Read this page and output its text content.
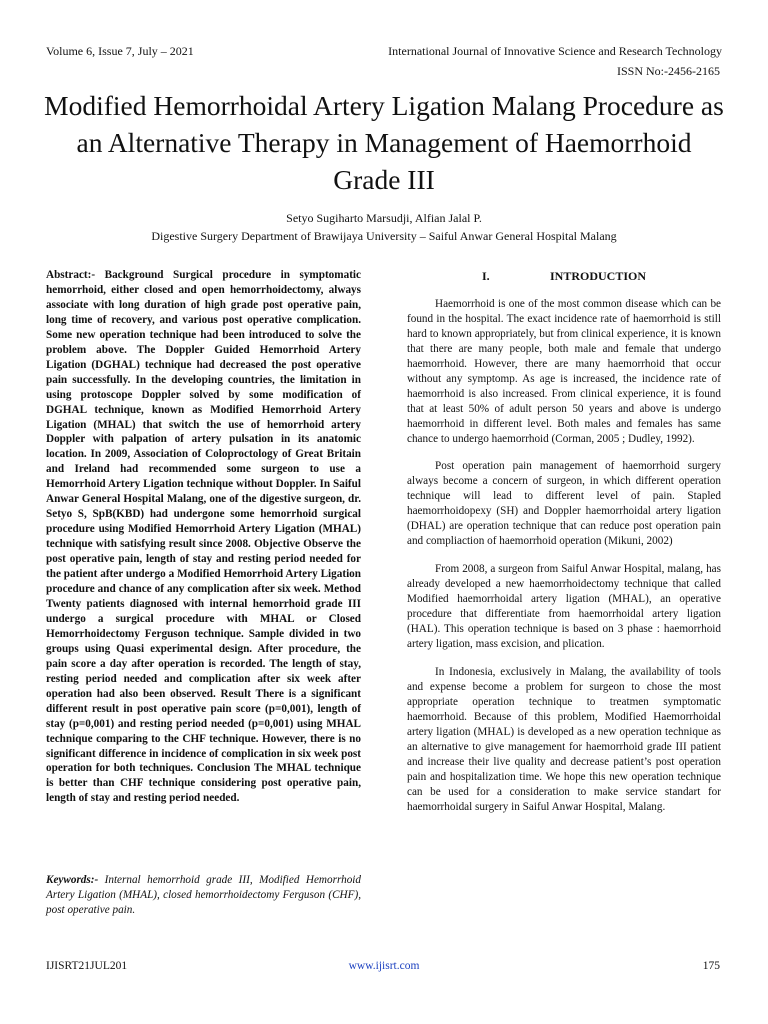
Volume 6, Issue 7, July – 2021	International Journal of Innovative Science and Research Technology
ISSN No:-2456-2165
Modified Hemorrhoidal Artery Ligation Malang Procedure as an Alternative Therapy in Management of Haemorrhoid Grade III
Setyo Sugiharto Marsudji, Alfian Jalal P.
Digestive Surgery Department of Brawijaya University – Saiful Anwar General Hospital Malang

Abstract:- Background Surgical procedure in symptomatic hemorrhoid, either closed and open hemorrhoidectomy, always associate with long duration of high grade post operative pain, long time of recovery, and various post operative complication. Some new operation technique had been introduced to solve the problem above. The Doppler Guided Hemorrhoid Artery Ligation (DGHAL) technique had decreased the post operative pain successfully. In the developing countries, the limitation in using protoscope Doppler solved by some modification of DGHAL technique, known as Modified Hemorrhoid Artery Ligation (MHAL) that switch the use of hemorrhoid artery Doppler with palpation of artery pulsation in its anatomic location. In 2009, Association of Coloproctology of Great Britain and Ireland had recommended some surgeon to use a Hemorrhoid Artery Ligation technique without Doppler. In Saiful Anwar General Hospital Malang, one of the digestive surgeon, dr. Setyo S, SpB(KBD) had undergone some hemorrhoid surgical procedure using Modified Hemorrhoid Artery Ligation (MHAL) technique with satisfying result since 2008. Objective Observe the post operative pain, length of stay and resting period needed for the patient after undergo a Modified Hemorrhoid Artery Ligation procedure and chance of any complication after six week. Method Twenty patients diagnosed with internal hemorrhoid grade III undergo a surgical procedure with MHAL or Closed Hemorrhoidectomy Ferguson technique. Sample divided in two groups using Quasi experimental design. After procedure, the pain score a day after operation is recorded. The length of stay, resting period needed and complication after six week after operation had also been observed. Result There is a significant different result in post operative pain score (p=0,001), length of stay (p=0,001) and resting period needed (p=0,001) using MHAL technique comparing to the CHF technique. However, there is no significant difference in incidence of complication in six week post operation for both techniques. Conclusion The MHAL technique is better than CHF technique considering post operative pain, length of stay and resting period needed.

Keywords:- Internal hemorrhoid grade III, Modified Hemorrhoid Artery Ligation (MHAL), closed hemorrhoidectomy Ferguson (CHF), post operative pain.
I.	INTRODUCTION

Haemorrhoid is one of the most common disease which can be found in the hospital. The exact incidence rate of haemorrhoid is still hard to known appropriately, but from clinical experience, it is known that there are many people, both male and female that undergo haemorrhoid. However, there are many haemorrhoid that occur without any symptomp. As age is increased, the incidence rate of haemorrhoid is also increased. From clinical experience, it is found that at least 50% of adult person 50 years and above is undergo haemorrhoid in different level. Both males and females has same chance to undergo haemorrhoid (Corman, 2005 ; Dudley, 1992).

Post operation pain management of haemorrhoid surgery always become a concern of surgeon, in which different operation technique will lead to different level of pain. Stapled haemorrhoidopexy (SH) and Doppler haemorrhoidal artery ligation (DHAL) are operation technique that can reduce post operation pain and compliaction of haemorrhoid operation (Mikuni, 2002)

From 2008, a surgeon from Saiful Anwar Hospital, malang, has already developed a new haemorrhoidectomy technique that called Modified haemorrhoidal artery ligation (MHAL), an operative procedure that differentiate from haemorrhoidal artery ligation (HAL). This operation technique is based on 3 phase : haemorrhoid artery ligation, mass excision, and plication.

In Indonesia, exclusively in Malang, the availability of tools and expense become a problem for surgeon to chose the most appropriate operation technique to treatmen symptomatic haemorrhoid. Because of this problem, Modified Haemorrhoidal artery ligation (MHAL) is developed as a new operation technique as an alternative to give management for haemorrhoid grade III patient and increase their live quality and decrease patient’s post operation pain and hospitalization time. We hope this new operation technique can be used for a consideration to make service standart for haemorrhoidal surgery in Saiful Anwar Hospital, Malang.

IJISRT21JUL201	www.ijisrt.com	175
